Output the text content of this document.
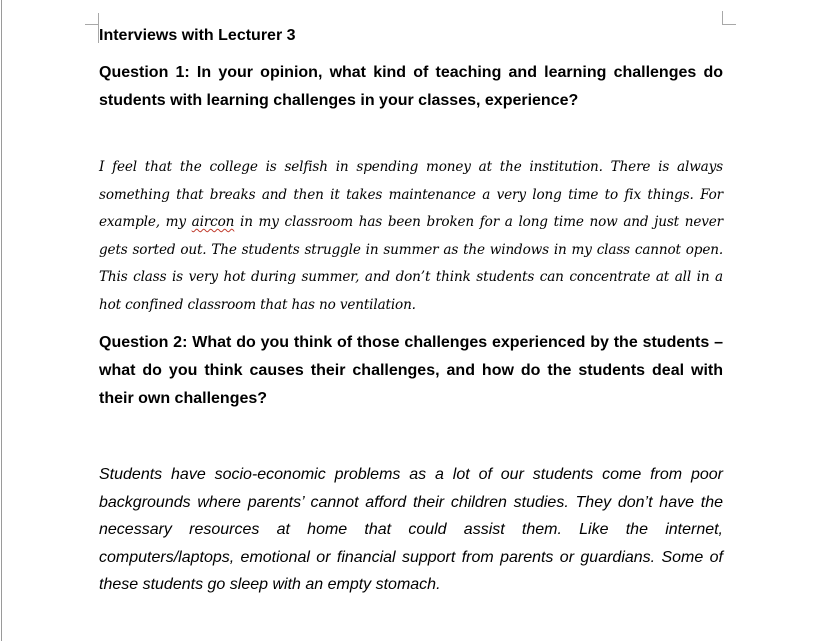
Interviews with Lecturer 3
Question 1: In your opinion, what kind of teaching and learning challenges do students with learning challenges in your classes, experience?
I feel that the college is selfish in spending money at the institution. There is always something that breaks and then it takes maintenance a very long time to fix things. For example, my aircon in my classroom has been broken for a long time now and just never gets sorted out. The students struggle in summer as the windows in my class cannot open. This class is very hot during summer, and don’t think students can concentrate at all in a hot confined classroom that has no ventilation.
Question 2: What do you think of those challenges experienced by the students – what do you think causes their challenges, and how do the students deal with their own challenges?
Students have socio-economic problems as a lot of our students come from poor backgrounds where parents’ cannot afford their children studies. They don’t have the necessary resources at home that could assist them. Like the internet, computers/laptops, emotional or financial support from parents or guardians. Some of these students go sleep with an empty stomach.
